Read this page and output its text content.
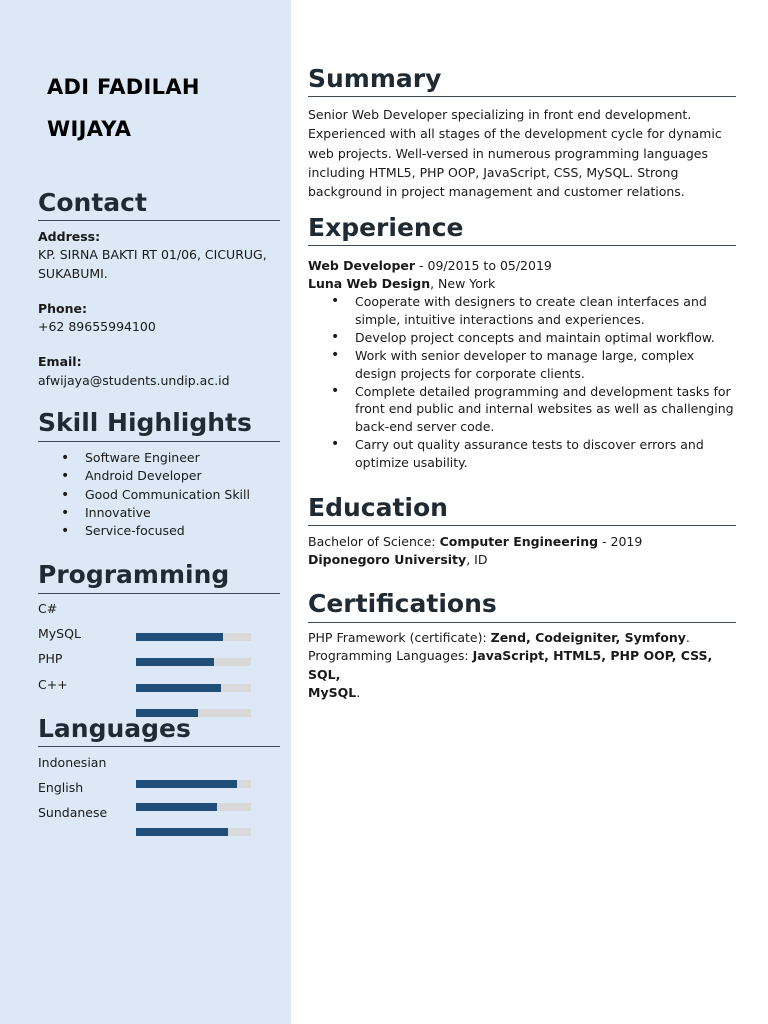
ADI FADILAH
WIJAYA
Contact
Address:
KP. SIRNA BAKTI RT 01/06, CICURUG,
SUKABUMI.
Phone:
+62 89655994100
Email:
afwijaya@students.undip.ac.id
Skill Highlights
• Software Engineer
• Android Developer
• Good Communication Skill
• Innovative
• Service-focused
Programming
C#
MySQL
PHP
C++
Languages
Indonesian
English
Sundanese
Summary
Senior Web Developer specializing in front end development.
Experienced with all stages of the development cycle for dynamic
web projects. Well-versed in numerous programming languages
including HTML5, PHP OOP, JavaScript, CSS, MySQL. Strong
background in project management and customer relations.
Experience
Web Developer - 09/2015 to 05/2019
Luna Web Design, New York
• Cooperate with designers to create clean interfaces and
simple, intuitive interactions and experiences.
• Develop project concepts and maintain optimal workflow.
• Work with senior developer to manage large, complex
design projects for corporate clients.
• Complete detailed programming and development tasks for
front end public and internal websites as well as challenging
back-end server code.
• Carry out quality assurance tests to discover errors and
optimize usability.
Education
Bachelor of Science: Computer Engineering - 2019
Diponegoro University, ID
Certifications
PHP Framework (certificate): Zend, Codeigniter, Symfony.
Programming Languages: JavaScript, HTML5, PHP OOP, CSS, SQL,
MySQL.
